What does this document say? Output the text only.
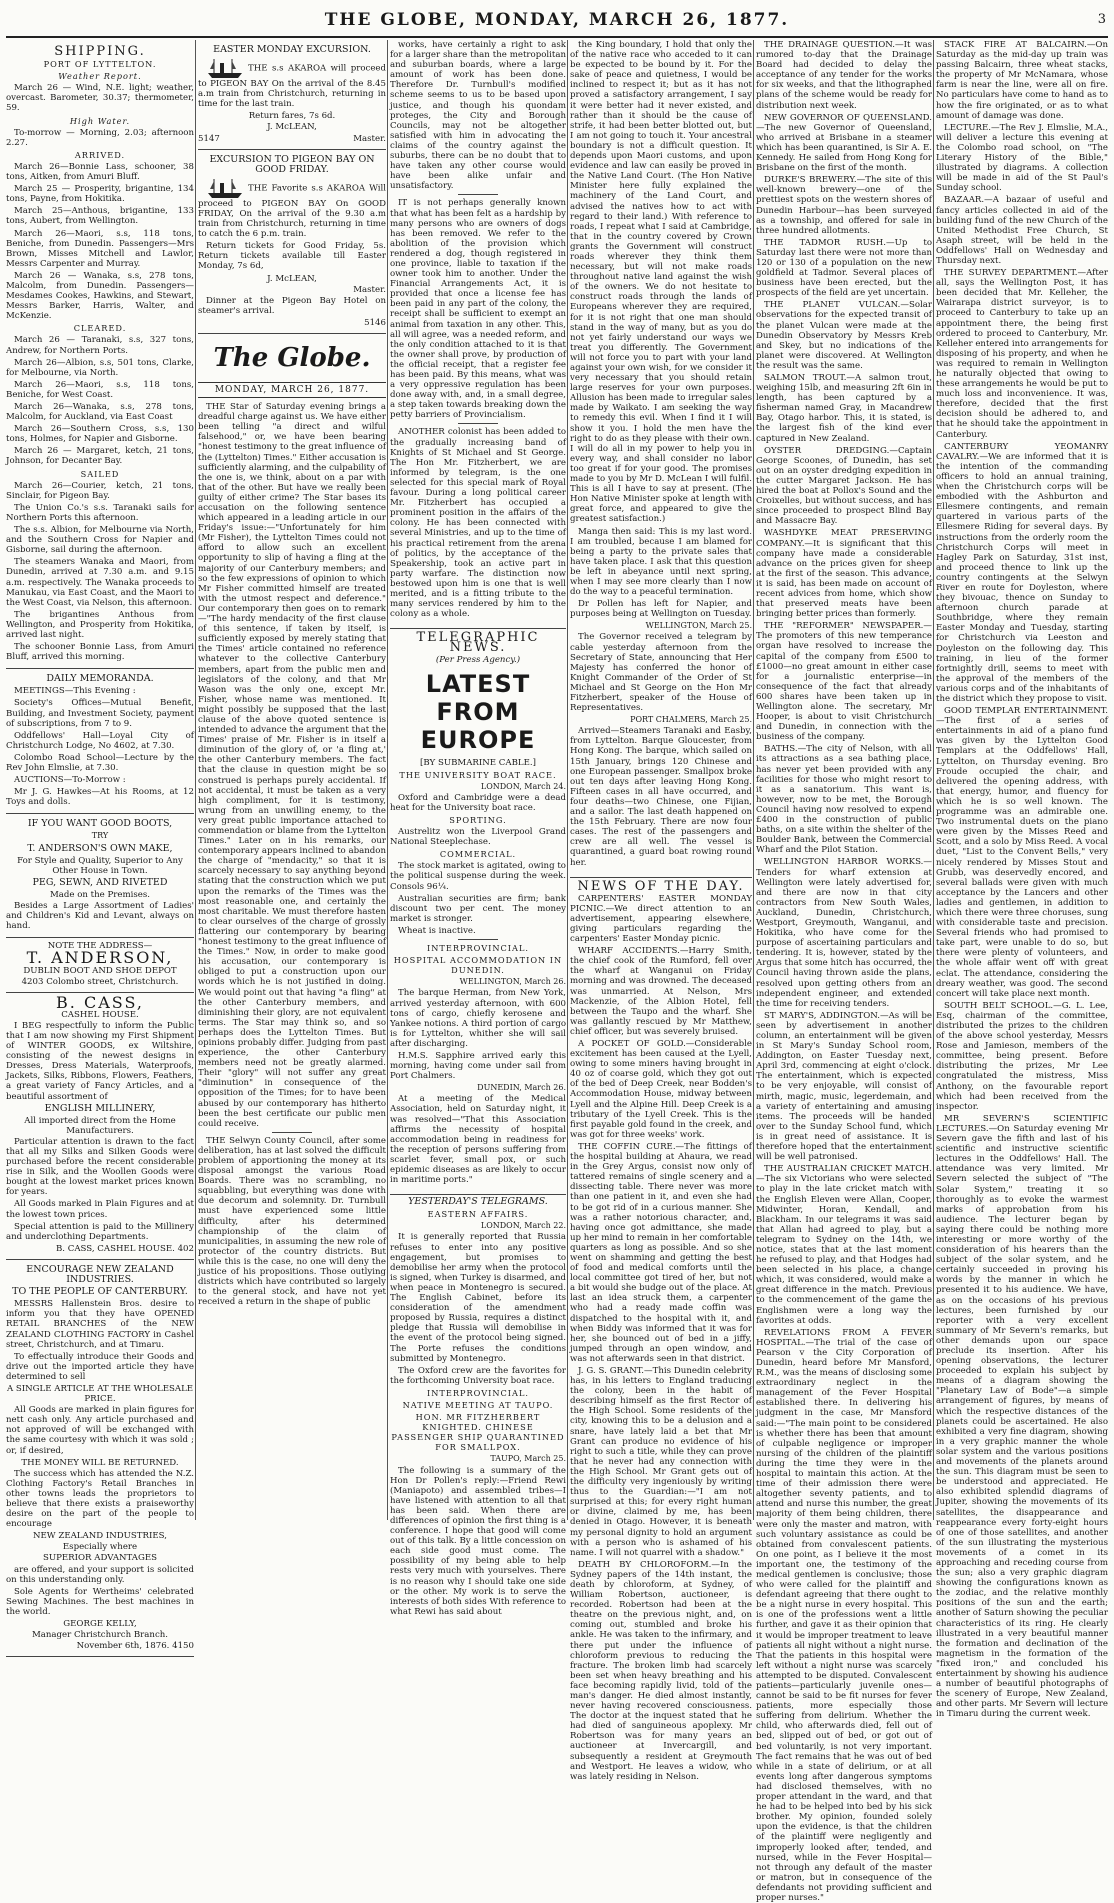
THE GLOBE, MONDAY, MARCH 26, 1877.	3
SHIPPING.
PORT OF LYTTELTON.
Weather Report.

March 26 — Wind, N.E. light; weather, overcast. Barometer, 30.37; thermometer, 59.

High Water.

To-morrow — Morning, 2.03; afternoon 2.27.

ARRIVED.

March 26—Bonnie Lass, schooner, 38 tons, Aitken, from Amuri Bluff.

March 25 — Prosperity, brigantine, 134 tons, Payne, from Hokitika.

March 25—Anthous, brigantine, 133 tons, Aubert, from Wellington.

March 26—Maori, s.s, 118 tons, Beniche, from Dunedin. Passengers—Mrs Brown, Misses Mitchell and Lawlor, Messrs Carpenter and Murray.

March 26 — Wanaka, s.s, 278 tons, Malcolm, from Dunedin. Passengers—Mesdames Cookes, Hawkins, and Stewart, Messrs Barker, Harris, Walter, and McKenzie.

CLEARED.

March 26 — Taranaki, s.s, 327 tons, Andrew, for Northern Ports.

March 26—Albion, s.s, 501 tons, Clarke, for Melbourne, via North.

March 26—Maori, s.s, 118 tons, Beniche, for West Coast.

March 26—Wanaka, s.s, 278 tons, Malcolm, for Auckland, via East Coast

March 26—Southern Cross, s.s, 130 tons, Holmes, for Napier and Gisborne.

March 26 — Margaret, ketch, 21 tons, Johnson, for Decanter Bay.

SAILED

March 26—Courier, ketch, 21 tons, Sinclair, for Pigeon Bay.

The Union Co.'s s.s. Taranaki sails for Northern Ports this afternoon.

The s.s. Albion, for Melbourne via North, and the Southern Cross for Napier and Gisborne, sail during the afternoon.

The steamers Wanaka and Maori, from Dunedin, arrived at 7.30 a.m. and 9.15 a.m. respectively. The Wanaka proceeds to Manukau, via East Coast, and the Maori to the West Coast, via Nelson, this afternoon.

The brigantines Anthous from Wellington, and Prosperity from Hokitika, arrived last night.

The schooner Bonnie Lass, from Amuri Bluff, arrived this morning.

DAILY MEMORANDA.

MEETINGS—This Evening :

Society's Offices—Mutual Benefit, Building, and Investment Society, payment of subscriptions, from 7 to 9.

Oddfellows' Hall—Loyal City of Christchurch Lodge, No 4602, at 7.30.

Colombo Road School—Lecture by the Rev John Elmslie, at 7.30.

AUCTIONS—To-Morrow :

Mr J. G. Hawkes—At his Rooms, at 12 Toys and dolls.

IF YOU WANT GOOD BOOTS,
TRY
T. ANDERSON'S OWN MAKE,
For Style and Quality, Superior to Any Other House in Town.
PEG, SEWN, AND RIVETED
Made on the Premises.

Besides a Large Assortment of Ladies' and Children's Kid and Levant, always on hand.

NOTE THE ADDRESS—
T. ANDERSON,
DUBLIN BOOT AND SHOE DEPOT
4203 Colombo street, Christchurch.
B. CASS,
CASHEL HOUSE.

I BEG respectfully to inform the Public that I am now showing my First Shipment of WINTER GOODS, ex Wiltshire, consisting of the newest designs in Dresses, Dress Materials, Waterproofs, Jackets, Silks, Ribbons, Flowers, Feathers, a great variety of Fancy Articles, and a beautiful assortment of

ENGLISH MILLINERY,
All imported direct from the Home Manufacturers.

Particular attention is drawn to the fact that all my Silks and Silken Goods were purchased before the recent considerable rise in Silk, and the Woollen Goods were bought at the lowest market prices known for years.

All Goods marked in Plain Figures and at the lowest town prices.

Special attention is paid to the Millinery and underclothing Departments.

B. CASS, CASHEL HOUSE. 402
ENCOURAGE NEW ZEALAND INDUSTRIES.
TO THE PEOPLE OF CANTERBURY.

MESSRS Hallenstein Bros. desire to inform you that they have OPENED RETAIL BRANCHES of the NEW ZEALAND CLOTHING FACTORY in Cashel street, Christchurch, and at Timaru.

To effectually introduce their Goods and drive out the imported article they have determined to sell

A SINGLE ARTICLE AT THE WHOLESALE PRICE.

All Goods are marked in plain figures for nett cash only. Any article purchased and not approved of will be exchanged with the same courtesy with which it was sold ; or, if desired,

THE MONEY WILL BE RETURNED.

The success which has attended the N.Z. Clothing Factory's Retail Branches in other towns leads the proprietors to believe that there exists a praiseworthy desire on the part of the people to encourage

NEW ZEALAND INDUSTRIES,
Especially where
SUPERIOR ADVANTAGES

are offered, and your support is solicited on this understanding only.

Sole Agents for Wertheims' celebrated Sewing Machines. The best machines in the world.

GEORGE KELLY,
Manager Christchurch Branch.
November 6th, 1876. 4150
EASTER MONDAY EXCURSION.

THE s.s AKAROA will proceed to PIGEON BAY On the arrival of the 8.45 a.m train from Christchurch, returning in time for the last train.

Return fares, 7s 6d.
J. McLEAN,
5147	Master.
EXCURSION TO PIGEON BAY ON GOOD FRIDAY.

THE Favorite s.s AKAROA Will proceed to PIGEON BAY On GOOD FRIDAY, On the arrival of the 9.30 a.m train from Christchurch, returning in time to catch the 6 p.m. train.

Return tickets for Good Friday, 5s. Return tickets available till Easter Monday, 7s 6d,

J. McLEAN,
Master.

Dinner at the Pigeon Bay Hotel on steamer's arrival.

5146
The Globe.
MONDAY, MARCH 26, 1877.

THE Star of Saturday evening brings a dreadful charge against us. We have either been telling "a direct and wilful falsehood," or, we have been bearing "honest testimony to the great influence of the (Lyttelton) Times." Either accusation is sufficiently alarming, and the culpability of the one is, we think, about on a par with that of the other. But have we really been guilty of either crime? The Star bases its accusation on the following sentence which appeared in a leading article in our Friday's issue:—"Unfortunately for him (Mr Fisher), the Lyttelton Times could not afford to allow such an excellent opportunity to slip of having a fling at the majority of our Canterbury members; and so the few expressions of opinion to which Mr Fisher committed himself are treated with the utmost respect and deference." Our contemporary then goes on to remark—"The hardy mendacity of the first clause of this sentence, if taken by itself, is sufficiently exposed by merely stating that the Times' article contained no reference whatever to the collective Canterbury members, apart from the public men and legislators of the colony, and that Mr Wason was the only one, except Mr. Fisher, whose name was mentioned. It might possibly be supposed that the last clause of the above quoted sentence is intended to advance the argument that the Times' praise of Mr. Fisher is in itself a diminution of the glory of, or 'a fling at,' the other Canterbury members. The fact that the clause in question might be so construed is perhaps purely accidental. If not accidental, it must be taken as a very high compliment, for it is testimony, wrung from an unwilling enemy, to the very great public importance attached to commendation or blame from the Lyttelton Times." Later on in his remarks, our contemporary appears inclined to abandon the charge of "mendacity," so that it is scarcely necessary to say anything beyond stating that the construction which we put upon the remarks of the Times was the most reasonable one, and certainly the most charitable. We must therefore hasten to clear ourselves of the charge of grossly flattering our contemporary by bearing "honest testimony to the great influence of the Times." Now, in order to make good his accusation, our contemporary is obliged to put a construction upon our words which he is not justified in doing. We would point out that having "a fling" at the other Canterbury members, and diminishing their glory, are not equivalent terms. The Star may think so, and so perhaps does the Lyttelton Times. But opinions probably differ. Judging from past experience, the other Canterbury members need not be greatly alarmed. Their "glory" will not suffer any great "diminution" in consequence of the opposition of the Times; for to have been abused by our contemporary has hitherto been the best certificate our public men could receive.

THE Selwyn County Council, after some deliberation, has at last solved the difficult problem of apportioning the money at its disposal amongst the various Road Boards. There was no scrambling, no squabbling, but everything was done with due decorum and solemnity. Dr. Turnbull must have experienced some little difficulty, after his determined championship of the claim of municipalities, in assuming the new role of protector of the country districts. But while this is the case, no one will deny the justice of his propositions. Those outlying districts which have contributed so largely to the general stock, and have not yet received a return in the shape of public

works, have certainly a right to ask for a larger share than the metropolitan and suburban boards, where a large amount of work has been done. Therefore Dr. Turnbull's modified scheme seems to us to be based upon justice, and though his quondam proteges, the City and Borough Councils, may not be altogether satisfied with him in advocating the claims of the country against the suburbs, there can be no doubt that to have taken any other course would have been alike unfair and unsatisfactory.

IT is not perhaps generally known that what has been felt as a hardship by many persons who are owners of dogs has been removed. We refer to the abolition of the provision which rendered a dog, though registered in one province, liable to taxation if the owner took him to another. Under the Financial Arrangements Act, it is provided that once a license fee has been paid in any part of the colony, the receipt shall be sufficient to exempt an animal from taxation in any other. This, all will agree, was a needed reform, and the only condition attached to it is that the owner shall prove, by production of the official receipt, that a register fee has been paid. By this means, what was a very oppressive regulation has been done away with, and, in a small degree, a step taken towards breaking down the petty barriers of Provincialism.

ANOTHER colonist has been added to the gradually increasing band of Knights of St Michael and St George. The Hon Mr. Fitzherbert, we are informed by telegram, is the one selected for this special mark of Royal favour. During a long political career Mr. Fitzherbert has occupied a prominent position in the affairs of the colony. He has been connected with several Ministries, and up to the time of his practical retirement from the arena of politics, by the acceptance of the Speakership, took an active part in party warfare. The distinction now bestowed upon him is one that is well merited, and is a fitting tribute to the many services rendered by him to the colony as a whole.

TELEGRAPHIC NEWS.
(Per Press Agency.)
LATEST FROM EUROPE
[BY SUBMARINE CABLE.]
THE UNIVERSITY BOAT RACE.
LONDON, March 24.

Oxford and Cambridge were a dead heat for the University boat race.

SPORTING.

Austrelitz won the Liverpool Grand National Steeplechase.

COMMERCIAL.

The stock market is agitated, owing to the political suspense during the week. Consols 96¼.

Australian securities are firm; bank discount two per cent. The money market is stronger.

Wheat is inactive.

INTERPROVINCIAL.
HOSPITAL ACCOMMODATION IN DUNEDIN.
WELLINGTON, March 26.

The barque Herman, from New York, arrived yesterday afternoon, with 600 tons of cargo, chiefly kerosene and Yankee notions. A third portion of cargo is for Lyttelton, whither she will sail after discharging.

H.M.S. Sapphire arrived early this morning, having come under sail from Port Chalmers.

DUNEDIN, March 26.

At a meeting of the Medical Association, held on Saturday night, it was resolved—"That this Association affirms the necessity of hospital accommodation being in readiness for the reception of persons suffering from scarlet fever, small pox, or such epidemic diseases as are likely to occur in maritime ports."

YESTERDAY'S TELEGRAMS.
EASTERN AFFAIRS.
LONDON, March 22.

It is generally reported that Russia refuses to enter into any positive engagement, but promises to demobilise her army when the protocol is signed, when Turkey is disarmed, and when peace in Montenegro is secured. The English Cabinet, before its consideration of the amendment proposed by Russia, requires a distinct pledge that Russia will demobilise in the event of the protocol being signed. The Porte refuses the conditions submitted by Montenegro.

The Oxford crew are the favorites for the forthcoming University boat race.

INTERPROVINCIAL.
NATIVE MEETING AT TAUPO.
HON. MR FITZHERBERT KNIGHTED. CHINESE PASSENGER SHIP QUARANTINED FOR SMALLPOX.
TAUPO, March 25.

The following is a summary of the Hon Dr Pollen's reply:—Friend Rewi (Maniapoto) and assembled tribes—I have listened with attention to all that has been said. When there are differences of opinion the first thing is a conference. I hope that good will come out of this talk. By a little concession on each side good must come. The possibility of my being able to help rests very much with yourselves. There is no reason why I should take one side or the other. My work is to serve the interests of both sides With reference to what Rewi has said about

the King boundary, I hold that only the of the native race who acceded to it can be expected to be bound by it. For the sake of peace and quietness, I would be inclined to respect it; but as it has not proved a satisfactory arrangement, I say it were better had it never existed, and rather than it should be the cause of strife, it had been better blotted out, but I am not going to touch it. Your ancestral boundary is not a difficult question. It depends upon Maori customs, and upon evidence and law can easily be proved in the Native Land Court. (The Hon Native Minister here fully explained the machinery of the Land Court, and advised the natives how to act with regard to their land.) With reference to roads, I repeat what I said at Cambridge, that in the country covered by Crown grants the Government will construct roads wherever they think them necessary, but will not make roads throughout native land against the wish of the owners. We do not hesitate to construct roads through the lands of Europeans wherever they are required, for it is not right that one man should stand in the way of many, but as you do not yet fairly understand our ways we treat you differently. The Government will not force you to part with your land against your own wish, for we consider it very necessary that you should retain large reserves for your own purposes. Allusion has been made to irregular sales made by Waikato. I am seeking the way to remedy this evil. When I find it I will show it you. I hold the men have the right to do as they please with their own. I will do all in my power to help you in every way, and shall consider no labor too great if for your good. The promises made to you by Mr D. McLean I will fulfil. This is all I have to say at present. (The Hon Native Minister spoke at length with great force, and appeared to give the greatest satisfaction.)

Manga then said: This is my last word. I am troubled, because I am blamed for being a party to the private sales that have taken place. I ask that this question be left in abeyance until next spring, when I may see more clearly than I now do the way to a peaceful termination.

Dr Pollen has left for Napier, and purposes being at Wellington on Tuesday.

WELLINGTON, March 25.

The Governor received a telegram by cable yesterday afternoon from the Secretary of State, announcing that Her Majesty has conferred the honor of Knight Commander of the Order of St Michael and St George on the Hon Mr Fitzherbert, speaker of the House of Representatives.

PORT CHALMERS, March 25.

Arrived—Steamers Taranaki and Easby, from Lyttelton. Barque Gloucester, from Hong Kong. The barque, which sailed on 15th January, brings 120 Chinese and one European passenger. Smallpox broke out ten days after leaving Hong Kong. Fifteen cases in all have occurred, and four deaths—two Chinese, one Fijian, and a sailor. The last death happened on the 15th February. There are now four cases. The rest of the passengers and crew are all well. The vessel is quarantined, a guard boat rowing round her.

NEWS OF THE DAY.

CARPENTERS' EASTER MONDAY PICNIC.—We direct attention to an advertisement, appearing elsewhere, giving particulars regarding the carpenters' Easter Monday picnic.

WHARF ACCIDENTS.—Harry Smith, the chief cook of the Rumford, fell over the wharf at Wanganui on Friday morning and was drowned. The deceased was unmarried. At Nelson, Mrs Mackenzie, of the Albion Hotel, fell between the Taupo and the wharf. She was gallantly rescued by Mr Matthew, chief officer, but was severely bruised.

A POCKET OF GOLD.—Considerable excitement has been caused at the Lyell, owing to some miners having brought in 40 oz of coarse gold, which they got out of the bed of Deep Creek, near Bodden's Accommodation House, midway between Lyell and the Alpine Hill. Deep Creek is a tributary of the Lyell Creek. This is the first payable gold found in the creek, and was got for three weeks' work.

THE COFFIN CURE.—The fittings of the hospital building at Ahaura, we read in the Grey Argus, consist now only of tattered remains of single scenery and a dissecting table. There never was more than one patient in it, and even she had to be got rid of in a curious manner. She was a rather notorious character, and, having once got admittance, she made up her mind to remain in her comfortable quarters as long as possible. And so she went on shamming and getting the best of food and medical comforts until the local committee got tired of her, but not a bit would she budge out of the place. At last an idea struck them, a carpenter who had a ready made coffin was dispatched to the hospital with it, and when Biddy was informed that it was for her, she bounced out of bed in a jiffy, jumped through an open window, and was not afterwards seen in that district.

J. G. S. GRANT.—This Dunedin celebrity has, in his letters to England traducing the colony, been in the habit of describing himself as the first Rector of the High School. Some residents of the city, knowing this to be a delusion and a snare, have lately laid a bet that Mr Grant can produce no evidence of his right to such a title, while they can prove that he never had any connection with the High School. Mr Grant gets out of the difficulty very ingeniously by writing thus to the Guardian:—"I am not surprised at this; for every right human or divine, claimed by me, has been denied in Otago. However, it is beneath my personal dignity to hold an argument with a person who is ashamed of his name. I will not quarrel with a shadow."

DEATH BY CHLOROFORM.—In the Sydney papers of the 14th instant, the death by chloroform, at Sydney, of William Robertson, auctioneer, is recorded. Robertson had been at the theatre on the previous night, and, on coming out, stumbled and broke his ankle. He was taken to the infirmary, and there put under the influence of chloroform previous to reducing the fracture. The broken limb had scarcely been set when heavy breathing and his face becoming rapidly livid, told of the man's danger. He died almost instantly, never having recovered consciousness. The doctor at the inquest stated that he had died of sanguineous apoplexy. Mr Robertson was for many years an auctioneer at Invercargill, and subsequently a resident at Greymouth and Westport. He leaves a widow, who was lately residing in Nelson.

THE DRAINAGE QUESTION.—It was rumored to-day that the Drainage Board had decided to delay the acceptance of any tender for the works for six weeks, and that the lithographed plans of the scheme would be ready for distribution next week.

NEW GOVERNOR OF QUEENSLAND.—The new Governor of Queensland, who arrived at Brisbane in a steamer which has been quarantined, is Sir A. E. Kennedy. He sailed from Hong Kong for Brisbane on the first of the month.

DURKE'S BREWERY.—The site of this well-known brewery—one of the prettiest spots on the western shores of Dunedin Harbour—has been surveyed as a township, and offered for sale in three hundred allotments.

THE TADMOR RUSH.—Up to Saturday last there were not more than 120 or 130 of a population on the new goldfield at Tadmor. Several places of business have been erected, but the prospects of the field are yet uncertain.

THE PLANET VULCAN.—Solar observations for the expected transit of the planet Vulcan were made at the Dunedin Observatory by Messrs Kreb and Skey, but no indications of the planet were discovered. At Wellington the result was the same.

SALMON TROUT.—A salmon trout, weighing 15lb, and measuring 2ft 6in in length, has been captured by a fisherman named Gray, in Macandrew Bay, Otago harbor. This, it is stated, is the largest fish of the kind ever captured in New Zealand.

OYSTER DREDGING.—Captain George Scoones, of Dunedin, has set out on an oyster dredging expedition in the cutter Margaret Jackson. He has hired the boat at Pollox's Sound and the Croixelles, but without success, and has since proceeded to prospect Blind Bay and Massacre Bay.

WASHDYKE MEAT PRESERVING COMPANY.—It is significant that this company have made a considerable advance on the prices given for sheep at the first of the season. This advance, it is said, has been made on account of recent advices from home, which show that preserved meats have been bringing better prices than formerly.

THE "REFORMER" NEWSPAPER.—The promoters of this new temperance organ have resolved to increase the capital of the company from £500 to £1000—no great amount in either case for a journalistic enterprise—in consequence of the fact that already 600 shares have been taken up in Wellington alone. The secretary, Mr Hooper, is about to visit Christchurch and Dunedin, in connection with the business of the company.

BATHS.—The city of Nelson, with all its attractions as a sea bathing place, has never yet been provided with any facilities for those who might resort to it as a sanatorium. This want is, however, now to be met, the Borough Council having now resolved to expend £400 in the construction of public baths, on a site within the shelter of the Boulder Bank, between the Commercial Wharf and the Pilot Station.

WELLINGTON HARBOR WORKS.—Tenders for wharf extension at Wellington were lately advertised for, and there are now in that city contractors from New South Wales, Auckland, Dunedin, Christchurch, Westport, Greymouth, Wanganui, and Hokitika, who have come for the purpose of ascertaining particulars and tendering. It is, however, stated by the Argus that some hitch has occurred, the Council having thrown aside the plans, resolved upon getting others from an independent engineer, and extended the time for receiving tenders.

ST MARY'S, ADDINGTON.—As will be seen by advertisement in another column, an entertainment will be given in St Mary's Sunday School room, Addington, on Easter Tuesday next, April 3rd, commencing at eight o'clock. The entertainment, which is expected to be very enjoyable, will consist of mirth, magic, music, legerdemain, and a variety of entertaining and amusing items. The proceeds will be handed over to the Sunday School fund, which is in great need of assistance. It is therefore hoped that the entertainment will be well patronised.

THE AUSTRALIAN CRICKET MATCH.—The six Victorians who were selected to play in the late cricket match with the English Eleven were Allan, Cooper, Midwinter, Horan, Kendall, and Blackham. In our telegrams it was said that Allan had agreed to play, but a telegram to Sydney on the 14th, we notice, states that at the last moment he refused to play, and that Hodges had been selected in his place, a change which, it was considered, would make a great difference in the match. Previous to the commencement of the game the Englishmen were a long way the favorites at odds.

REVELATIONS FROM A FEVER HOSPITAL.—The trial of the case of Pearson v the City Corporation of Dunedin, heard before Mr Mansford, R.M., was the means of disclosing some extraordinary neglect in the management of the Fever Hospital established there. In delivering his judgment in the case, Mr Mansford said:—"The main point to be considered is whether there has been that amount of culpable negligence or improper nursing of the children of the plaintiff during the time they were in the hospital to maintain this action. At the time of their admission there were altogether seventy patients, and to attend and nurse this number, the great majority of them being children, there were only the master and matron, with such voluntary assistance as could be obtained from convalescent patients. On one point, as I believe it the most important one, the testimony of the medical gentlemen is conclusive; those who were called for the plaintiff and defendant agreeing that there ought to be a night nurse in every hospital. This is one of the professions went a little further, and gave it as their opinion that it would be improper treatment to leave patients all night without a night nurse. That the patients in this hospital were left without a night nurse was scarcely attempted to be disputed. Convalescent patients—particularly juvenile ones—cannot be said to be fit nurses for fever patients, more especially those suffering from delirium. Whether the child, who afterwards died, fell out of bed, slipped out of bed, or got out of bed voluntarily, is not very important. The fact remains that he was out of bed while in a state of delirium, or at all events long after dangerous symptoms had disclosed themselves, with no proper attendant in the ward, and that he had to be helped into bed by his sick brother. My opinion, founded solely upon the evidence, is that the children of the plaintiff were negligently and improperly looked after, tended, and nursed, while in the Fever Hospital—not through any default of the master or matron, but in consequence of the defendants not providing sufficient and proper nurses."

STACK FIRE AT BALCAIRN.—On Saturday as the mid-day up train was passing Balcairn, three wheat stacks, the property of Mr McNamara, whose farm is near the line, were all on fire. No particulars have come to hand as to how the fire originated, or as to what amount of damage was done.

LECTURE.—The Rev J. Elmslie, M.A., will deliver a lecture this evening at the Colombo road school, on "The Literary History of the Bible," illustrated by diagrams. A collection will be made in aid of the St Paul's Sunday school.

BAZAAR.—A bazaar of useful and fancy articles collected in aid of the building fund of the new Church of the United Methodist Free Church, St Asaph street, will be held in the Oddfellows' Hall on Wednesday and Thursday next.

THE SURVEY DEPARTMENT.—After all, says the Wellington Post, it has been decided that Mr. Kelleher, the Wairarapa district surveyor, is to proceed to Canterbury to take up an appointment there, the being first ordered to proceed to Canterbury, Mr. Kelleher entered into arrangements for disposing of his property, and when he was required to remain in Wellington he naturally objected that owing to these arrangements he would be put to much loss and inconvenience. It was, therefore, decided that the first decision should be adhered to, and that he should take the appointment in Canterbury.

CANTERBURY YEOMANRY CAVALRY.—We are informed that it is the intention of the commanding officers to hold an annual training, when the Christchurch corps will be embodied with the Ashburton and Ellesmere contingents, and remain quartered in various parts of the Ellesmere Riding for several days. By instructions from the orderly room the Christchurch Corps will meet in Hagley Park on Saturday, 31st inst, and proceed thence to link up the country contingents at the Selwyn River en route for Doyleston, where they bivouac, thence on Sunday to afternoon church parade at Southbridge, where they remain Easter Monday and Tuesday, starting for Christchurch via Leeston and Doyleston on the following day. This training, in lieu of the former fortnightly drill, seems to meet with the approval of the members of the various corps and of the inhabitants of the district which they propose to visit.

GOOD TEMPLAR ENTERTAINMENT.—The first of a series of entertainments in aid of a piano fund was given by the Lyttelton Good Templars at the Oddfellows' Hall, Lyttelton, on Thursday evening. Bro Froude occupied the chair, and delivered the opening address, with that energy, humor, and fluency for which he is so well known. The programme was an admirable one. Two instrumental duets on the piano were given by the Misses Reed and Scott, and a solo by Miss Reed. A vocal duet, "List to the Convent Bells," very nicely rendered by Misses Stout and Grubb, was deservedly encored, and several ballads were given with much acceptance by the Lancers and other ladies and gentlemen, in addition to which there were three choruses, sung with considerable taste and precision. Several friends who had promised to take part, were unable to do so, but there were plenty of volunteers, and the whole affair went off with great eclat. The attendance, considering the dreary weather, was good. The second concert will take place next month.

SOUTH BELT SCHOOL.—G. L. Lee, Esq, chairman of the committee, distributed the prizes to the children of the above school yesterday, Messrs Rose and Jamieson, members of the committee, being present. Before distributing the prizes, Mr Lee congratulated the mistress, Miss Anthony, on the favourable report which had been received from the inspector.

MR SEVERN'S SCIENTIFIC LECTURES.—On Saturday evening Mr Severn gave the fifth and last of his scientific and instructive scientific lectures in the Oddfellows' Hall. The attendance was very limited. Mr Severn selected the subject of "The Solar System," treating it so thoroughly as to evoke the warmest marks of approbation from his audience. The lecturer began by saying there could be nothing more interesting or more worthy of the consideration of his hearers than the subject of the solar system, and he certainly succeeded in proving his words by the manner in which he presented it to his audience. We have, as on the occasions of his previous lectures, been furnished by our reporter with a very excellent summary of Mr Severn's remarks, but other demands upon our space preclude its insertion. After his opening observations, the lecturer proceeded to explain his subject by means of a diagram showing the "Planetary Law of Bode"—a simple arrangement of figures, by means of which the respective distances of the planets could be ascertained. He also exhibited a very fine diagram, showing in a very graphic manner the whole solar system and the various positions and movements of the planets around the sun. This diagram must be seen to be understood and appreciated. He also exhibited splendid diagrams of Jupiter, showing the movements of its satellites, the disappearance and reappearance every forty-eight hours of one of those satellites, and another of the sun illustrating the mysterious movements of a comet in its approaching and receding course from the sun; also a very graphic diagram showing the configurations known as the zodiac, and the relative monthly positions of the sun and the earth; another of Saturn showing the peculiar characteristics of its ring. He clearly illustrated in a very beautiful manner the formation and declination of the magnetism in the formation of the "fixed iron," and concluded his entertainment by showing his audience a number of beautiful photographs of the scenery of Europe, New Zealand, and other parts. Mr Severn will lecture in Timaru during the current week.
